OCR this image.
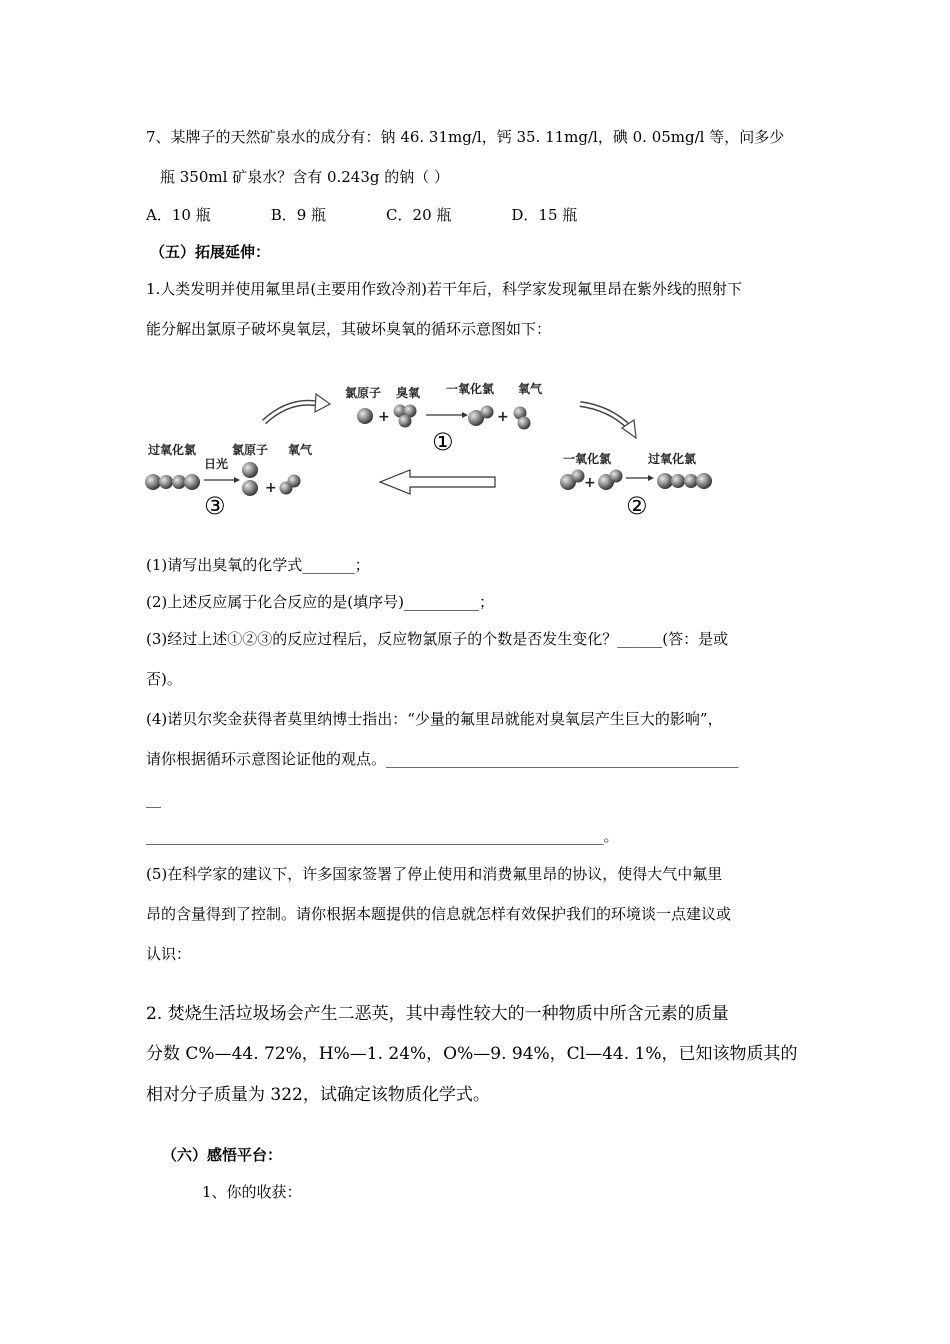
7、某牌子的天然矿泉水的成分有：钠 46. 31mg/l，钙 35. 11mg/l，碘 0. 05mg/l 等，问多少
瓶 350ml 矿泉水？含有 0.243g 的钠（ ）
A．10 瓶	B．9 瓶	C．20 瓶	D．15 瓶
（五）拓展延伸：
1.人类发明并使用氟里昂(主要用作致冷剂)若干年后，科学家发现氟里昂在紫外线的照射下
能分解出氯原子破坏臭氧层，其破坏臭氧的循环示意图如下：
氯原子 臭氧 一氧化氯 氧气
+	+
①
过氧化氯	氯原子 氧气
日光
+
③
一氧化氯	过氧化氯
+
②
(1)请写出臭氧的化学式_______；
(2)上述反应属于化合反应的是(填序号)__________；
(3)经过上述①②③的反应过程后，反应物氯原子的个数是否发生变化？______(答：是或
否)。
(4)诺贝尔奖金获得者莫里纳博士指出：“少量的氟里昂就能对臭氧层产生巨大的影响”，
请你根据循环示意图论证他的观点。_______________________________________________
__
_____________________________________________________________。
(5)在科学家的建议下，许多国家签署了停止使用和消费氟里昂的协议，使得大气中氟里
昂的含量得到了控制。请你根据本题提供的信息就怎样有效保护我们的环境谈一点建议或
认识：
2. 焚烧生活垃圾场会产生二恶英，其中毒性较大的一种物质中所含元素的质量
分数 C%—44. 72%，H%—1. 24%，O%—9. 94%，Cl—44. 1%，已知该物质其的
相对分子质量为 322，试确定该物质化学式。
（六）感悟平台：
1、你的收获：
